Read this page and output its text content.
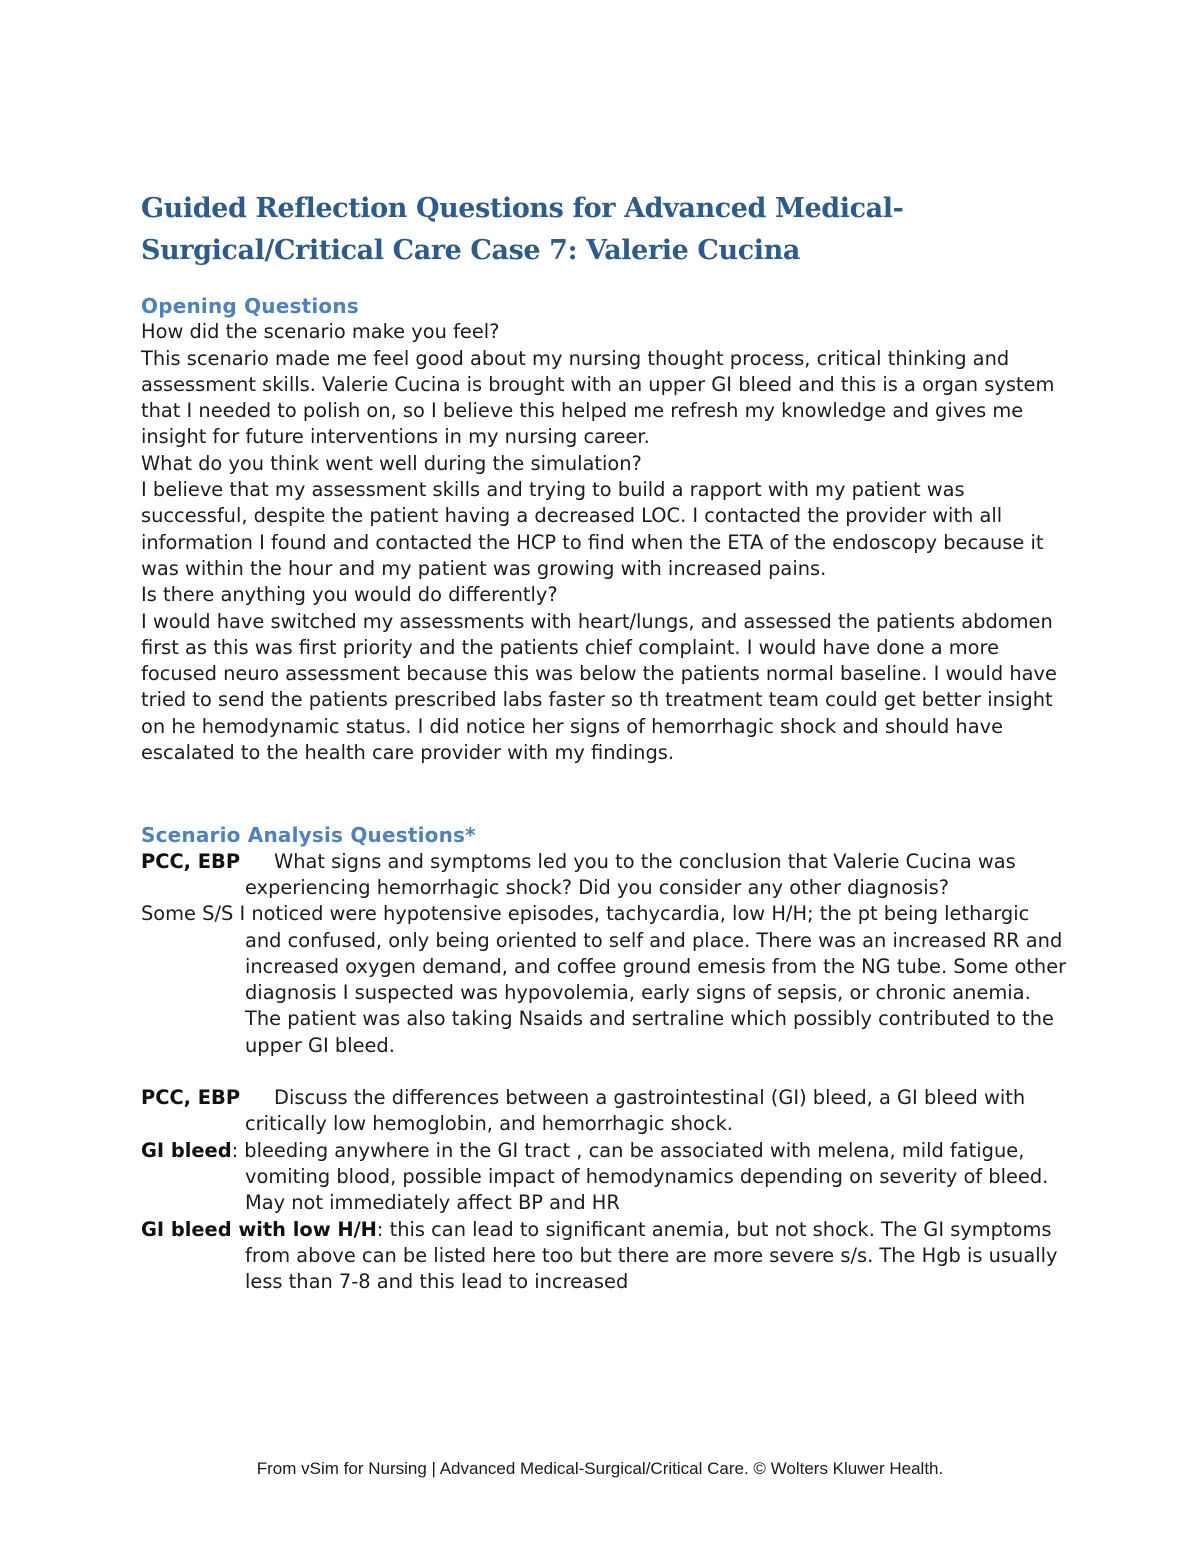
Guided Reflection Questions for Advanced Medical-Surgical/Critical Care Case 7: Valerie Cucina

Opening Questions

How did the scenario make you feel?

This scenario made me feel good about my nursing thought process, critical thinking and assessment skills. Valerie Cucina is brought with an upper GI bleed and this is a organ system that I needed to polish on, so I believe this helped me refresh my knowledge and gives me insight for future interventions in my nursing career.

What do you think went well during the simulation?

I believe that my assessment skills and trying to build a rapport with my patient was successful, despite the patient having a decreased LOC. I contacted the provider with all information I found and contacted the HCP to find when the ETA of the endoscopy because it was within the hour and my patient was growing with increased pains.

Is there anything you would do differently?

I would have switched my assessments with heart/lungs, and assessed the patients abdomen first as this was first priority and the patients chief complaint. I would have done a more focused neuro assessment because this was below the patients normal baseline. I would have tried to send the patients prescribed labs faster so th treatment team could get better insight on he hemodynamic status. I did notice her signs of hemorrhagic shock and should have escalated to the health care provider with my findings.

Scenario Analysis Questions*

PCC, EBP What signs and symptoms led you to the conclusion that Valerie Cucina was experiencing hemorrhagic shock? Did you consider any other diagnosis?

Some S/S I noticed were hypotensive episodes, tachycardia, low H/H; the pt being lethargic and confused, only being oriented to self and place. There was an increased RR and increased oxygen demand, and coffee ground emesis from the NG tube. Some other diagnosis I suspected was hypovolemia, early signs of sepsis, or chronic anemia. The patient was also taking Nsaids and sertraline which possibly contributed to the upper GI bleed.

PCC, EBP Discuss the differences between a gastrointestinal (GI) bleed, a GI bleed with critically low hemoglobin, and hemorrhagic shock.

GI bleed: bleeding anywhere in the GI tract , can be associated with melena, mild fatigue, vomiting blood, possible impact of hemodynamics depending on severity of bleed. May not immediately affect BP and HR

GI bleed with low H/H: this can lead to significant anemia, but not shock. The GI symptoms from above can be listed here too but there are more severe s/s. The Hgb is usually less than 7-8 and this lead to increased

From vSim for Nursing | Advanced Medical-Surgical/Critical Care. © Wolters Kluwer Health.
